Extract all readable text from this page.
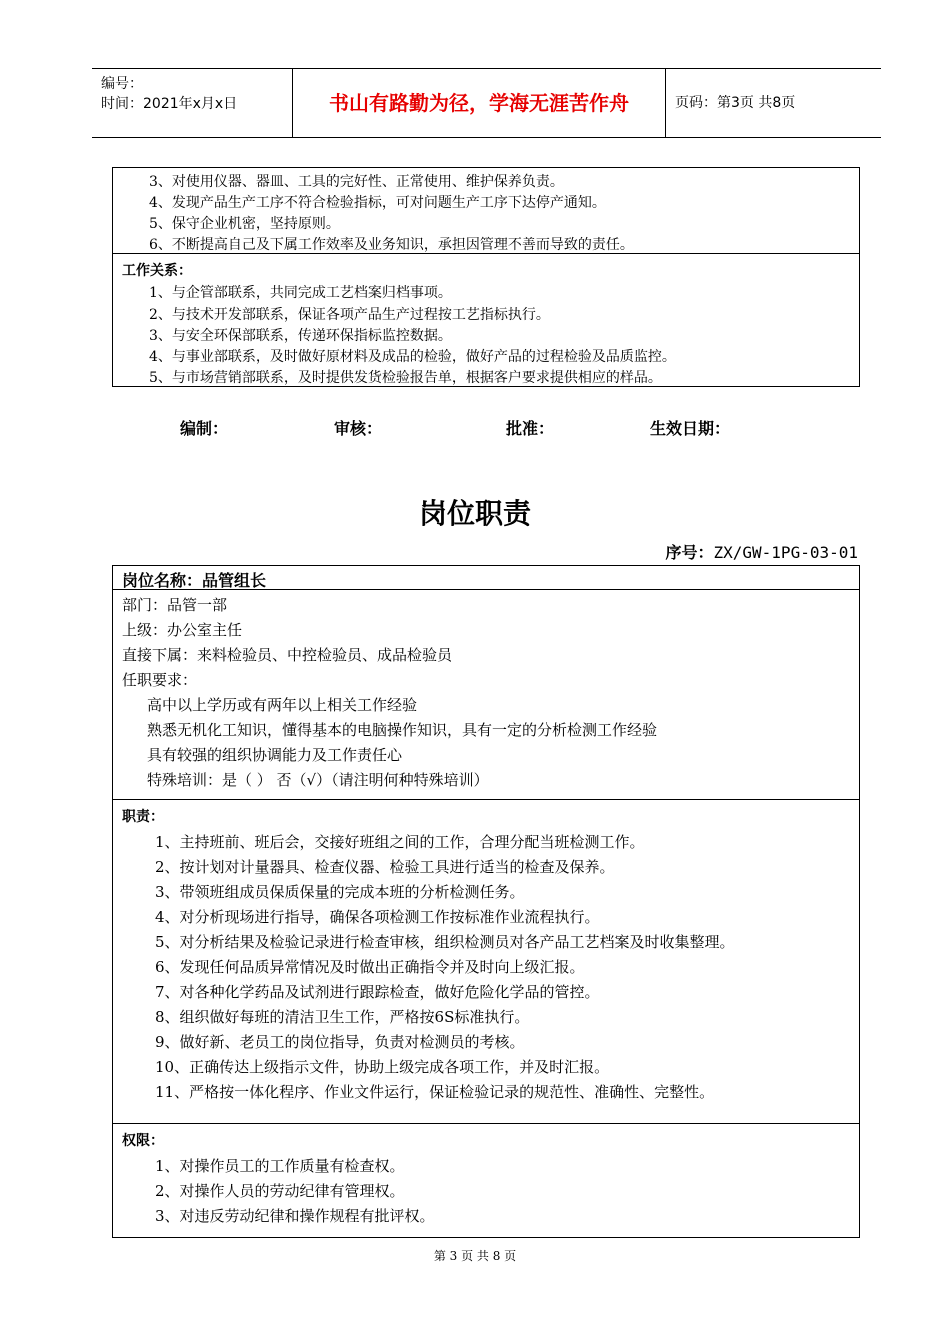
编号：
时间：2021年x月x日	书山有路勤为径，学海无涯苦作舟	页码：第3页 共8页
3、对使用仪器、器皿、工具的完好性、正常使用、维护保养负责。
4、发现产品生产工序不符合检验指标，可对问题生产工序下达停产通知。
5、保守企业机密，坚持原则。
6、不断提高自己及下属工作效率及业务知识，承担因管理不善而导致的责任。
工作关系：
1、与企管部联系，共同完成工艺档案归档事项。
2、与技术开发部联系，保证各项产品生产过程按工艺指标执行。
3、与安全环保部联系，传递环保指标监控数据。
4、与事业部联系，及时做好原材料及成品的检验，做好产品的过程检验及品质监控。
5、与市场营销部联系，及时提供发货检验报告单，根据客户要求提供相应的样品。
编制：	审核：	批准：	生效日期：
岗位职责
序号：ZX/GW-1PG-03-01
岗位名称：品管组长
部门：品管一部
上级：办公室主任
直接下属：来料检验员、中控检验员、成品检验员
任职要求：
高中以上学历或有两年以上相关工作经验
熟悉无机化工知识，懂得基本的电脑操作知识，具有一定的分析检测工作经验
具有较强的组织协调能力及工作责任心
特殊培训：是（ ） 否（√）（请注明何种特殊培训）
职责：
1、主持班前、班后会，交接好班组之间的工作，合理分配当班检测工作。
2、按计划对计量器具、检查仪器、检验工具进行适当的检查及保养。
3、带领班组成员保质保量的完成本班的分析检测任务。
4、对分析现场进行指导，确保各项检测工作按标准作业流程执行。
5、对分析结果及检验记录进行检查审核，组织检测员对各产品工艺档案及时收集整理。
6、发现任何品质异常情况及时做出正确指令并及时向上级汇报。
7、对各种化学药品及试剂进行跟踪检查，做好危险化学品的管控。
8、组织做好每班的清洁卫生工作，严格按6S标准执行。
9、做好新、老员工的岗位指导，负责对检测员的考核。
10、正确传达上级指示文件，协助上级完成各项工作，并及时汇报。
11、严格按一体化程序、作业文件运行，保证检验记录的规范性、准确性、完整性。
权限：
1、对操作员工的工作质量有检查权。
2、对操作人员的劳动纪律有管理权。
3、对违反劳动纪律和操作规程有批评权。
第 3 页 共 8 页
